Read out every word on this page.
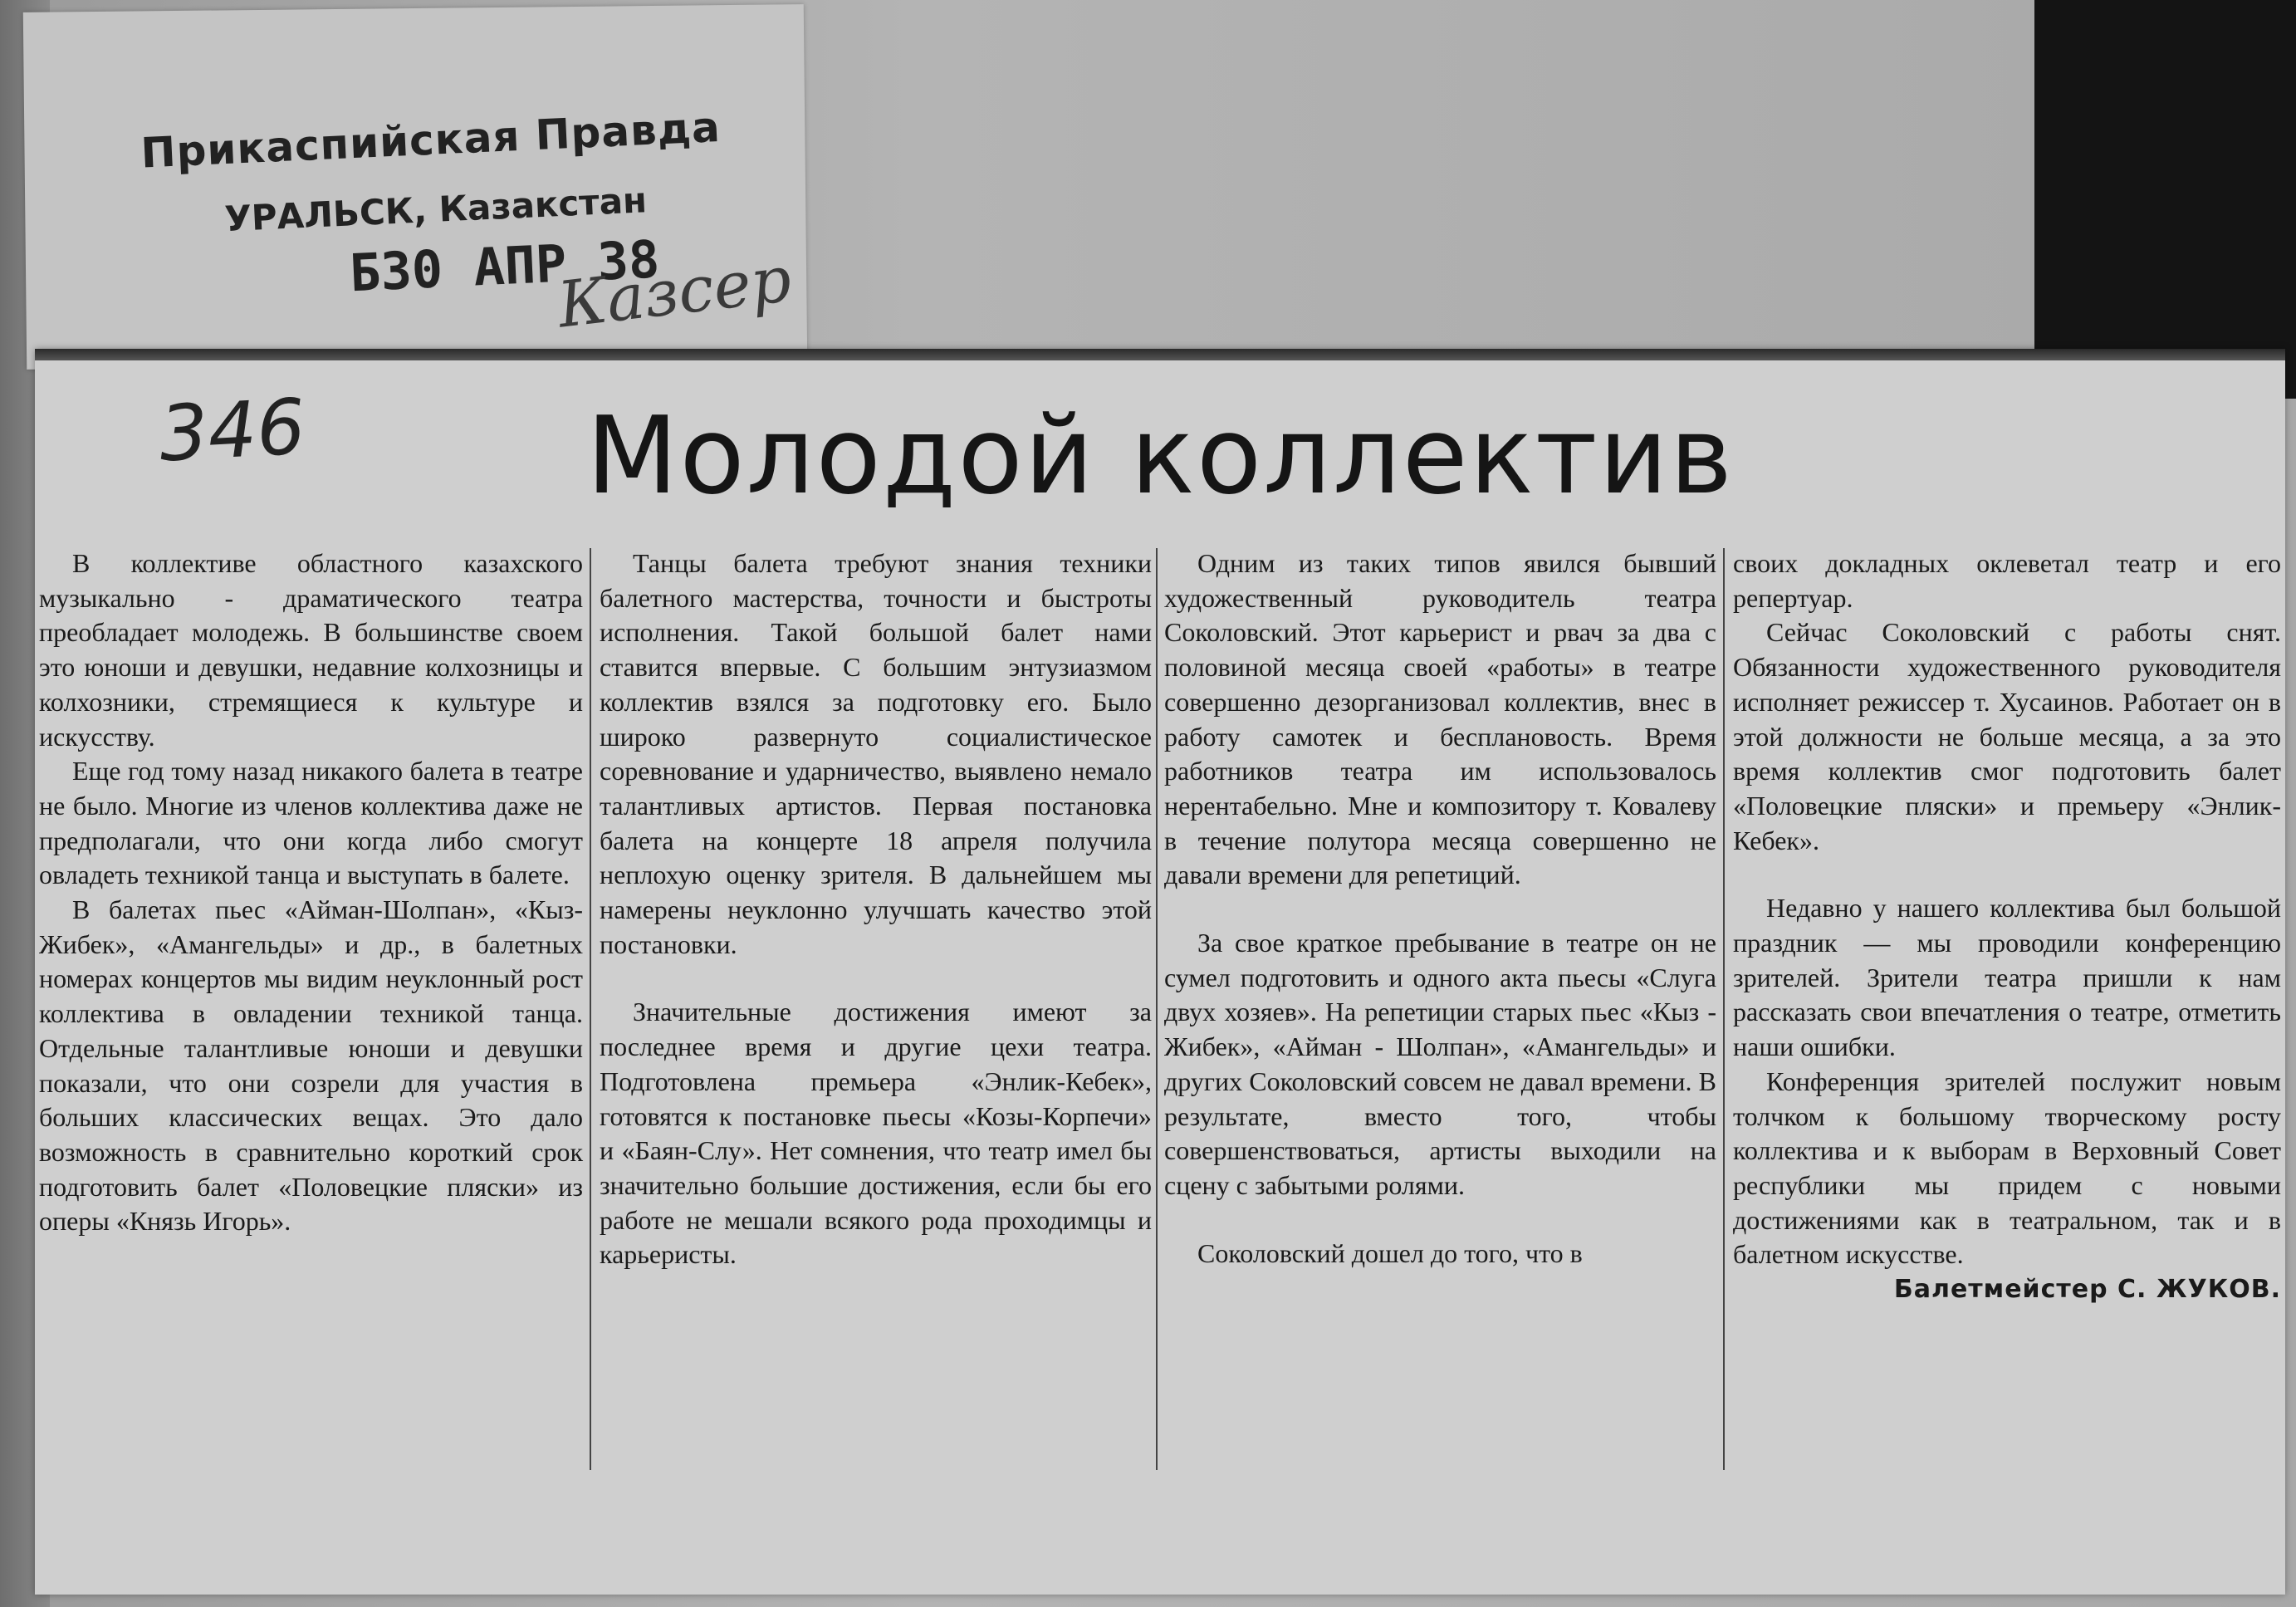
Прикаспийская Правда
УРАЛЬСК, Казакстан
Б30 АПР 38
Казсер
346	Молодой коллектив

В коллективе областного казахского музыкально - драматического театра преобладает молодежь. В большинстве своем это юноши и девушки, недавние колхозницы и колхозники, стремящиеся к культуре и искусству.

Еще год тому назад никакого балета в театре не было. Многие из членов коллектива даже не предполагали, что они когда либо смогут овладеть техникой танца и выступать в балете.

В балетах пьес «Айман-Шолпан», «Кыз-Жибек», «Амангельды» и др., в балетных номерах концертов мы видим неуклонный рост коллектива в овладении техникой танца. Отдельные талантливые юноши и девушки показали, что они созрели для участия в больших классических вещах. Это дало возможность в сравнительно короткий срок подготовить балет «Половецкие пляски» из оперы «Князь Игорь».

Танцы балета требуют знания техники балетного мастерства, точности и быстроты исполнения. Такой большой балет нами ставится впервые. С большим энтузиазмом коллектив взялся за подготовку его. Было широко развернуто социалистическое соревнование и ударничество, выявлено немало талантливых артистов. Первая постановка балета на концерте 18 апреля получила неплохую оценку зрителя. В дальнейшем мы намерены неуклонно улучшать качество этой постановки.

Значительные достижения имеют за последнее время и другие цехи театра. Подготовлена премьера «Энлик-Кебек», готовятся к постановке пьесы «Козы-Корпечи» и «Баян-Слу». Нет сомнения, что театр имел бы значительно большие достижения, если бы его работе не мешали всякого рода проходимцы и карьеристы.

Одним из таких типов явился бывший художественный руководитель театра Соколовский. Этот карьерист и рвач за два с половиной месяца своей «работы» в театре совершенно дезорганизовал коллектив, внес в работу самотек и бесплановость. Время работников театра им использовалось нерентабельно. Мне и композитору т. Ковалеву в течение полутора месяца совершенно не давали времени для репетиций.

За свое краткое пребывание в театре он не сумел подготовить и одного акта пьесы «Слуга двух хозяев». На репетиции старых пьес «Кыз - Жибек», «Айман - Шолпан», «Амангельды» и других Соколовский совсем не давал времени. В результате, вместо того, чтобы совершенствоваться, артисты выходили на сцену с забытыми ролями.

Соколовский дошел до того, что в

своих докладных оклеветал театр и его репертуар.

Сейчас Соколовский с работы снят. Обязанности художественного руководителя исполняет режиссер т. Хусаинов. Работает он в этой должности не больше месяца, а за это время коллектив смог подготовить балет «Половецкие пляски» и премьеру «Энлик-Кебек».

Недавно у нашего коллектива был большой праздник — мы проводили конференцию зрителей. Зрители театра пришли к нам рассказать свои впечатления о театре, отметить наши ошибки.

Конференция зрителей послужит новым толчком к большому творческому росту коллектива и к выборам в Верховный Совет республики мы придем с новыми достижениями как в театральном, так и в балетном искусстве.

Балетмейстер С. ЖУКОВ.
